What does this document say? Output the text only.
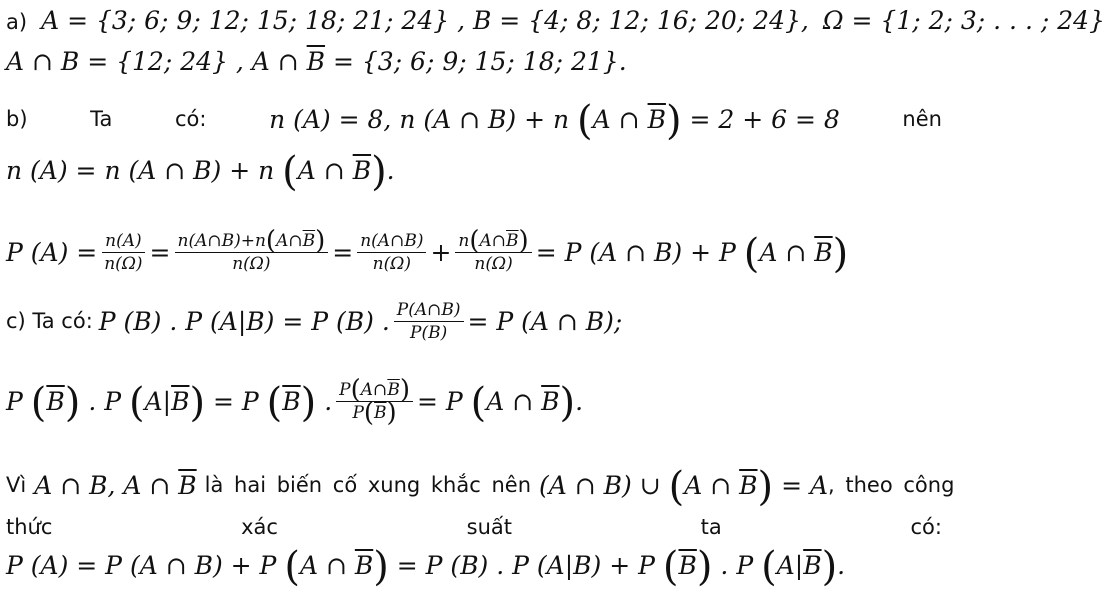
a) A = {3; 6; 9; 12; 15; 18; 21; 24} , B = {4; 8; 12; 16; 20; 24}, Ω = {1; 2; 3; . . . ; 24}
A ∩ B = {12; 24} , A ∩ $\overline{B} = \{3$; 6; 9; 15; 18; 21}.
b)	Ta	có:	n (A) = 8, n (A ∩ B) + n (A ∩ $\overline{B}) = 2 + 6 = 8$	nên
n (A) = n (A ∩ B) + n (A ∩ $\overline{B}$).
P $(A) = \frac{n(A)}{n(\Omega)} = \frac{n(A\cap B)+n(A\cap\overline{B})}{n(\Omega)} = \frac{n(A\cap B)}{n(\Omega)} + \frac{n(A\cap\overline{B})}{n(\Omega)} = P$ (A ∩ B) + P (A ∩ $\overline{B}$)
c) Ta có: P (B) . P (A|B) = P (B) . $\frac{P(A\cap B)}{P(B)} = P$ (A ∩ B);
P $(\overline{B})$ . P $(A|\overline{B}) = P$ $(\overline{B})$ . $\frac{P(A\cap\overline{B})}{P(\overline{B})} = P$ (A ∩ $\overline{B}$).
Vì A ∩ B, A ∩ $\overline{B}$ là hai biến cố xung khắc nên (A ∩ B) ∪ (A ∩ $\overline{B}) = A$ , theo công
thức	xác	suất	ta	có:
P (A) = P (A ∩ B) + P (A ∩ $\overline{B}) = P$ (B) . P (A|B) + P $(\overline{B})$ . P $(A|\overline{B})$.
